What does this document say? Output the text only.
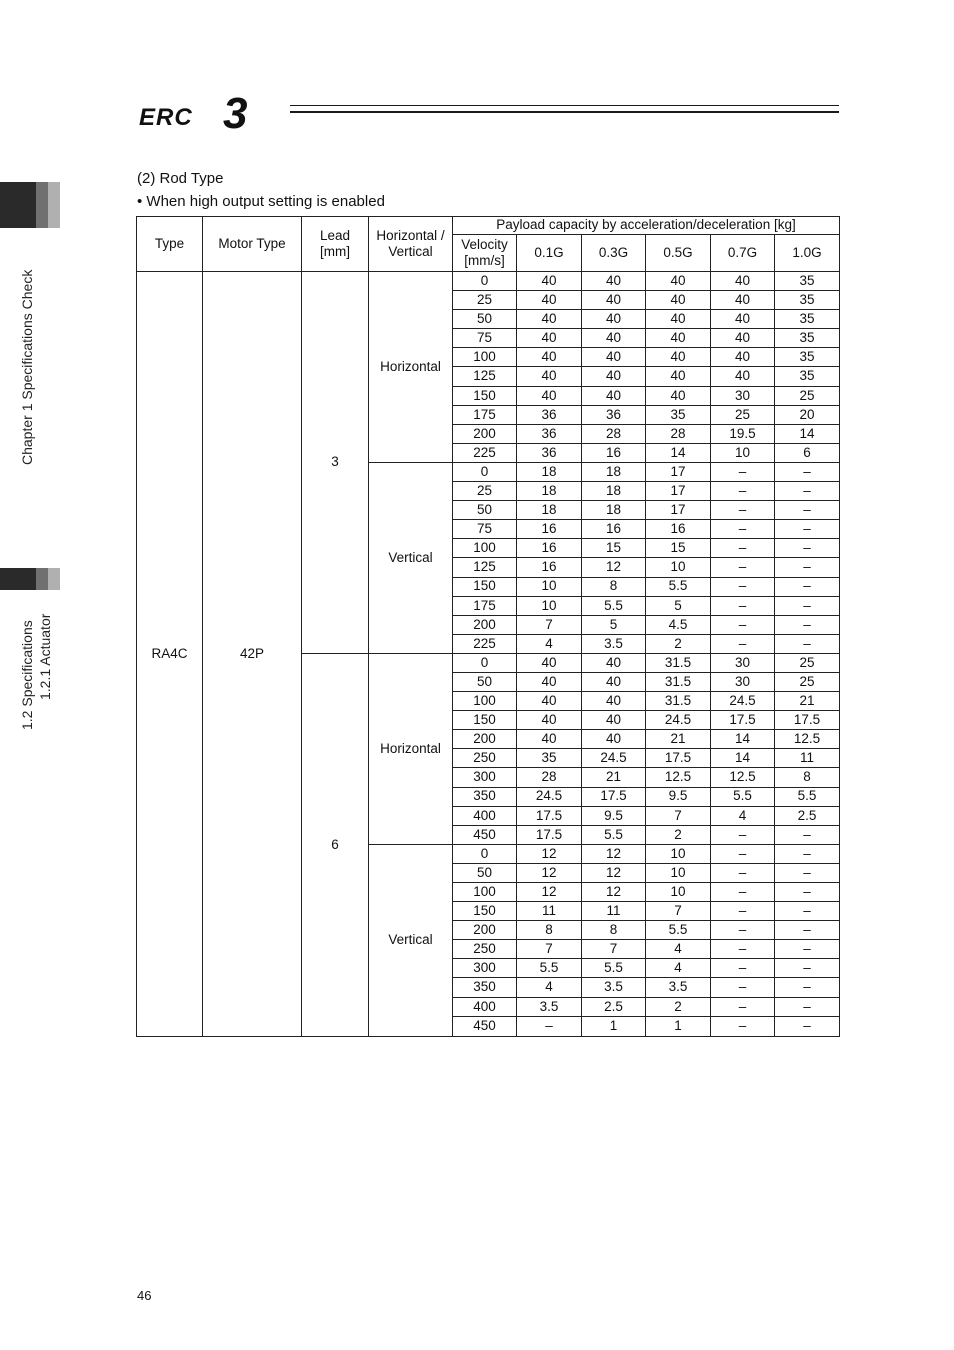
ERC 3
Chapter 1 Specifications Check
1.2 Specifications 1.2.1 Actuator
(2) Rod Type
• When high output setting is enabled
Type	Motor Type
Lead
[mm]
Horizontal /
Vertical
Payload capacity by acceleration/deceleration [kg]
Velocity
[mm/s]
0.1G	0.3G	0.5G	0.7G	1.0G
RA4C	42P
3
Horizontal
0	40	40	40	40	35
25	40	40	40	40	35
50	40	40	40	40	35
75	40	40	40	40	35
100	40	40	40	40	35
125	40	40	40	40	35
150	40	40	40	30	25
175	36	36	35	25	20
200	36	28	28	19.5	14
225	36	16	14	10	6
Vertical
0	18	18	17	–	–
25	18	18	17	–	–
50	18	18	17	–	–
75	16	16	16	–	–
100	16	15	15	–	–
125	16	12	10	–	–
150	10	8	5.5	–	–
175	10	5.5	5	–	–
200	7	5	4.5	–	–
225	4	3.5	2	–	–
6
Horizontal
0	40	40	31.5	30	25
50	40	40	31.5	30	25
100	40	40	31.5	24.5	21
150	40	40	24.5	17.5	17.5
200	40	40	21	14	12.5
250	35	24.5	17.5	14	11
300	28	21	12.5	12.5	8
350	24.5	17.5	9.5	5.5	5.5
400	17.5	9.5	7	4	2.5
450	17.5	5.5	2	–	–
Vertical
0	12	12	10	–	–
50	12	12	10	–	–
100	12	12	10	–	–
150	11	11	7	–	–
200	8	8	5.5	–	–
250	7	7	4	–	–
300	5.5	5.5	4	–	–
350	4	3.5	3.5	–	–
400	3.5	2.5	2	–	–
450	–	1	1	–	–
46
